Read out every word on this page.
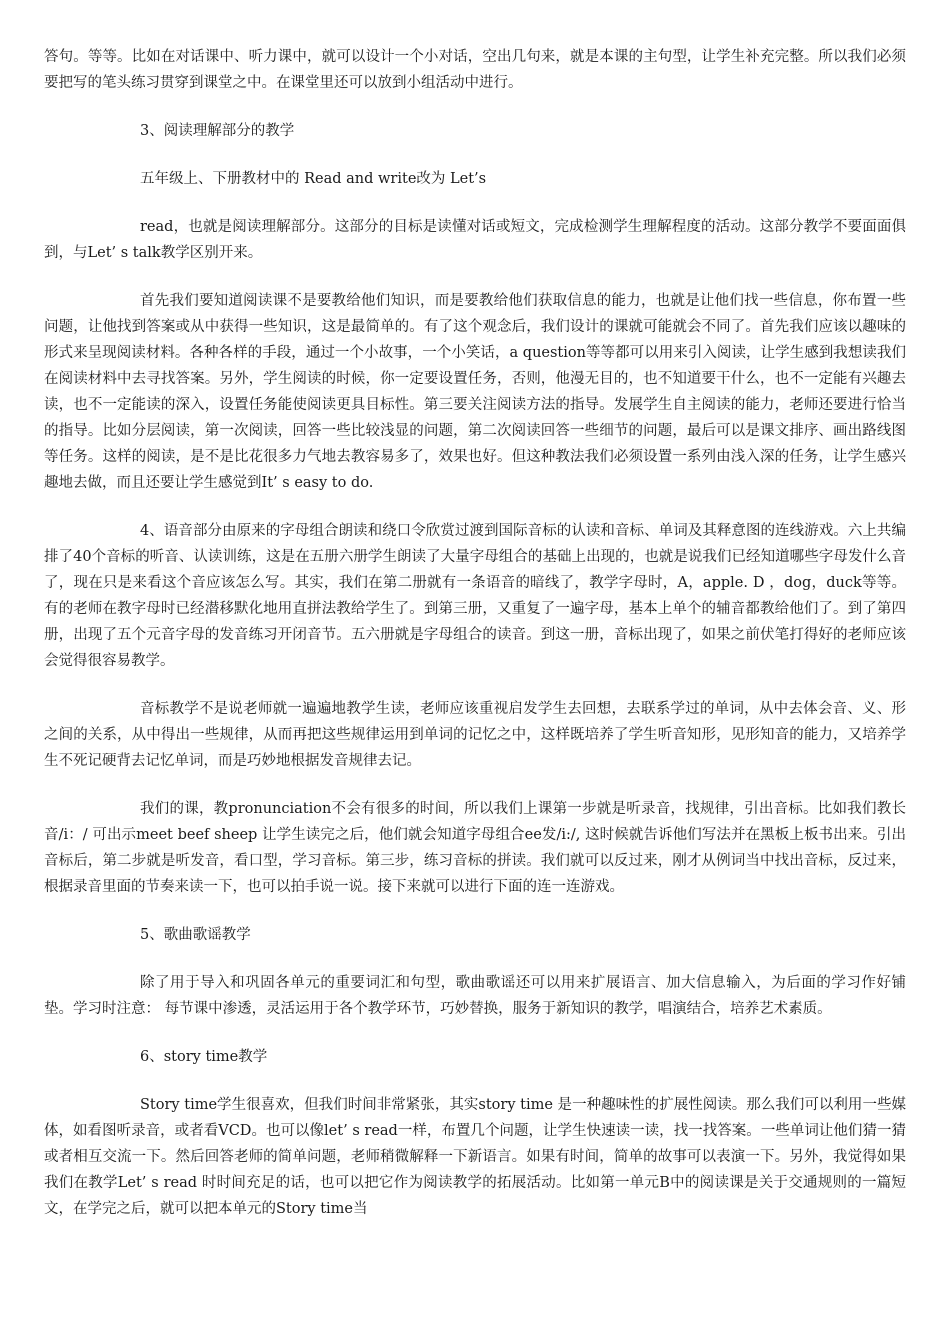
答句。等等。比如在对话课中、听力课中，就可以设计一个小对话，空出几句来，就是本课的主句型，让学生补充完整。所以我们必须要把写的笔头练习贯穿到课堂之中。在课堂里还可以放到小组活动中进行。

3、阅读理解部分的教学

五年级上、下册教材中的 Read and write改为 Let’s

read，也就是阅读理解部分。这部分的目标是读懂对话或短文，完成检测学生理解程度的活动。这部分教学不要面面俱到，与Let’ s talk教学区别开来。

首先我们要知道阅读课不是要教给他们知识，而是要教给他们获取信息的能力，也就是让他们找一些信息，你布置一些问题，让他找到答案或从中获得一些知识，这是最简单的。有了这个观念后，我们设计的课就可能就会不同了。首先我们应该以趣味的形式来呈现阅读材料。各种各样的手段，通过一个小故事，一个小笑话，a question等等都可以用来引入阅读，让学生感到我想读我们在阅读材料中去寻找答案。另外，学生阅读的时候，你一定要设置任务，否则，他漫无目的，也不知道要干什么，也不一定能有兴趣去读，也不一定能读的深入，设置任务能使阅读更具目标性。第三要关注阅读方法的指导。发展学生自主阅读的能力，老师还要进行恰当的指导。比如分层阅读，第一次阅读，回答一些比较浅显的问题，第二次阅读回答一些细节的问题，最后可以是课文排序、画出路线图等任务。这样的阅读，是不是比花很多力气地去教容易多了，效果也好。但这种教法我们必须设置一系列由浅入深的任务，让学生感兴趣地去做，而且还要让学生感觉到It’ s easy to do.

4、语音部分由原来的字母组合朗读和绕口令欣赏过渡到国际音标的认读和音标、单词及其释意图的连线游戏。六上共编排了40个音标的听音、认读训练，这是在五册六册学生朗读了大量字母组合的基础上出现的，也就是说我们已经知道哪些字母发什么音了，现在只是来看这个音应该怎么写。其实，我们在第二册就有一条语音的暗线了，教学字母时，A，apple. D ，dog，duck等等。有的老师在教字母时已经潜移默化地用直拼法教给学生了。到第三册，又重复了一遍字母，基本上单个的辅音都教给他们了。到了第四册，出现了五个元音字母的发音练习开闭音节。五六册就是字母组合的读音。到这一册，音标出现了，如果之前伏笔打得好的老师应该会觉得很容易教学。

音标教学不是说老师就一遍遍地教学生读，老师应该重视启发学生去回想，去联系学过的单词，从中去体会音、义、形之间的关系，从中得出一些规律，从而再把这些规律运用到单词的记忆之中，这样既培养了学生听音知形，见形知音的能力，又培养学生不死记硬背去记忆单词，而是巧妙地根据发音规律去记。

我们的课，教pronunciation不会有很多的时间，所以我们上课第一步就是听录音，找规律，引出音标。比如我们教长音/i：/ 可出示meet beef sheep 让学生读完之后，他们就会知道字母组合ee发/i:/, 这时候就告诉他们写法并在黑板上板书出来。引出音标后，第二步就是听发音，看口型，学习音标。第三步，练习音标的拼读。我们就可以反过来，刚才从例词当中找出音标，反过来，根据录音里面的节奏来读一下，也可以拍手说一说。接下来就可以进行下面的连一连游戏。

5、歌曲歌谣教学

除了用于导入和巩固各单元的重要词汇和句型，歌曲歌谣还可以用来扩展语言、加大信息输入，为后面的学习作好铺垫。学习时注意： 每节课中渗透，灵活运用于各个教学环节，巧妙替换，服务于新知识的教学，唱演结合，培养艺术素质。

6、story time教学

Story time学生很喜欢，但我们时间非常紧张，其实story time 是一种趣味性的扩展性阅读。那么我们可以利用一些媒体，如看图听录音，或者看VCD。也可以像let’ s read一样，布置几个问题，让学生快速读一读，找一找答案。一些单词让他们猜一猜或者相互交流一下。然后回答老师的简单问题，老师稍微解释一下新语言。如果有时间，简单的故事可以表演一下。另外，我觉得如果我们在教学Let’ s read 时时间充足的话，也可以把它作为阅读教学的拓展活动。比如第一单元B中的阅读课是关于交通规则的一篇短文，在学完之后，就可以把本单元的Story time当
